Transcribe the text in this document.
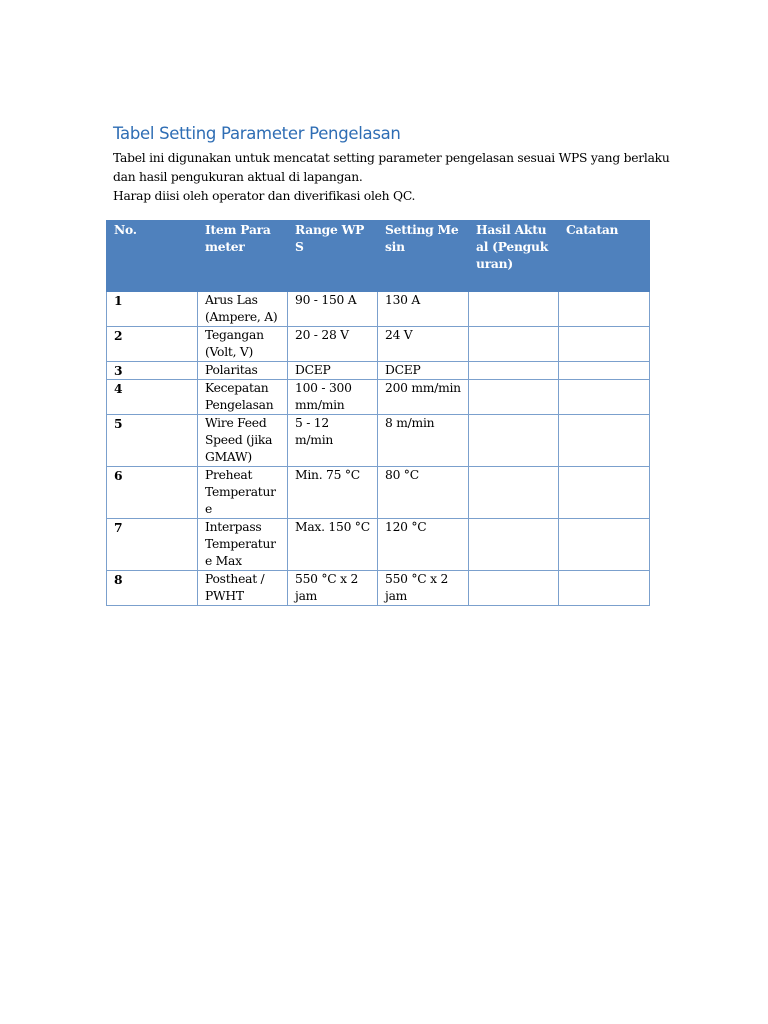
Tabel Setting Parameter Pengelasan
Tabel ini digunakan untuk mencatat setting parameter pengelasan sesuai WPS yang berlaku
dan hasil pengukuran aktual di lapangan.
Harap diisi oleh operator dan diverifikasi oleh QC.
No.	Item Parameter	Range WPS	Setting Mesin	Hasil Aktual (Pengukuran)	Catatan
1	Arus Las (Ampere, A)	90 - 150 A	130 A		
2	Tegangan (Volt, V)	20 - 28 V	24 V		
3	Polaritas	DCEP	DCEP		
4	Kecepatan Pengelasan	100 - 300 mm/min	200 mm/min		
5	Wire Feed Speed (jika GMAW)	5 - 12 m/min	8 m/min		
6	Preheat Temperature	Min. 75 °C	80 °C		
7	Interpass Temperature Max	Max. 150 °C	120 °C		
8	Postheat / PWHT	550 °C x 2 jam	550 °C x 2 jam		
